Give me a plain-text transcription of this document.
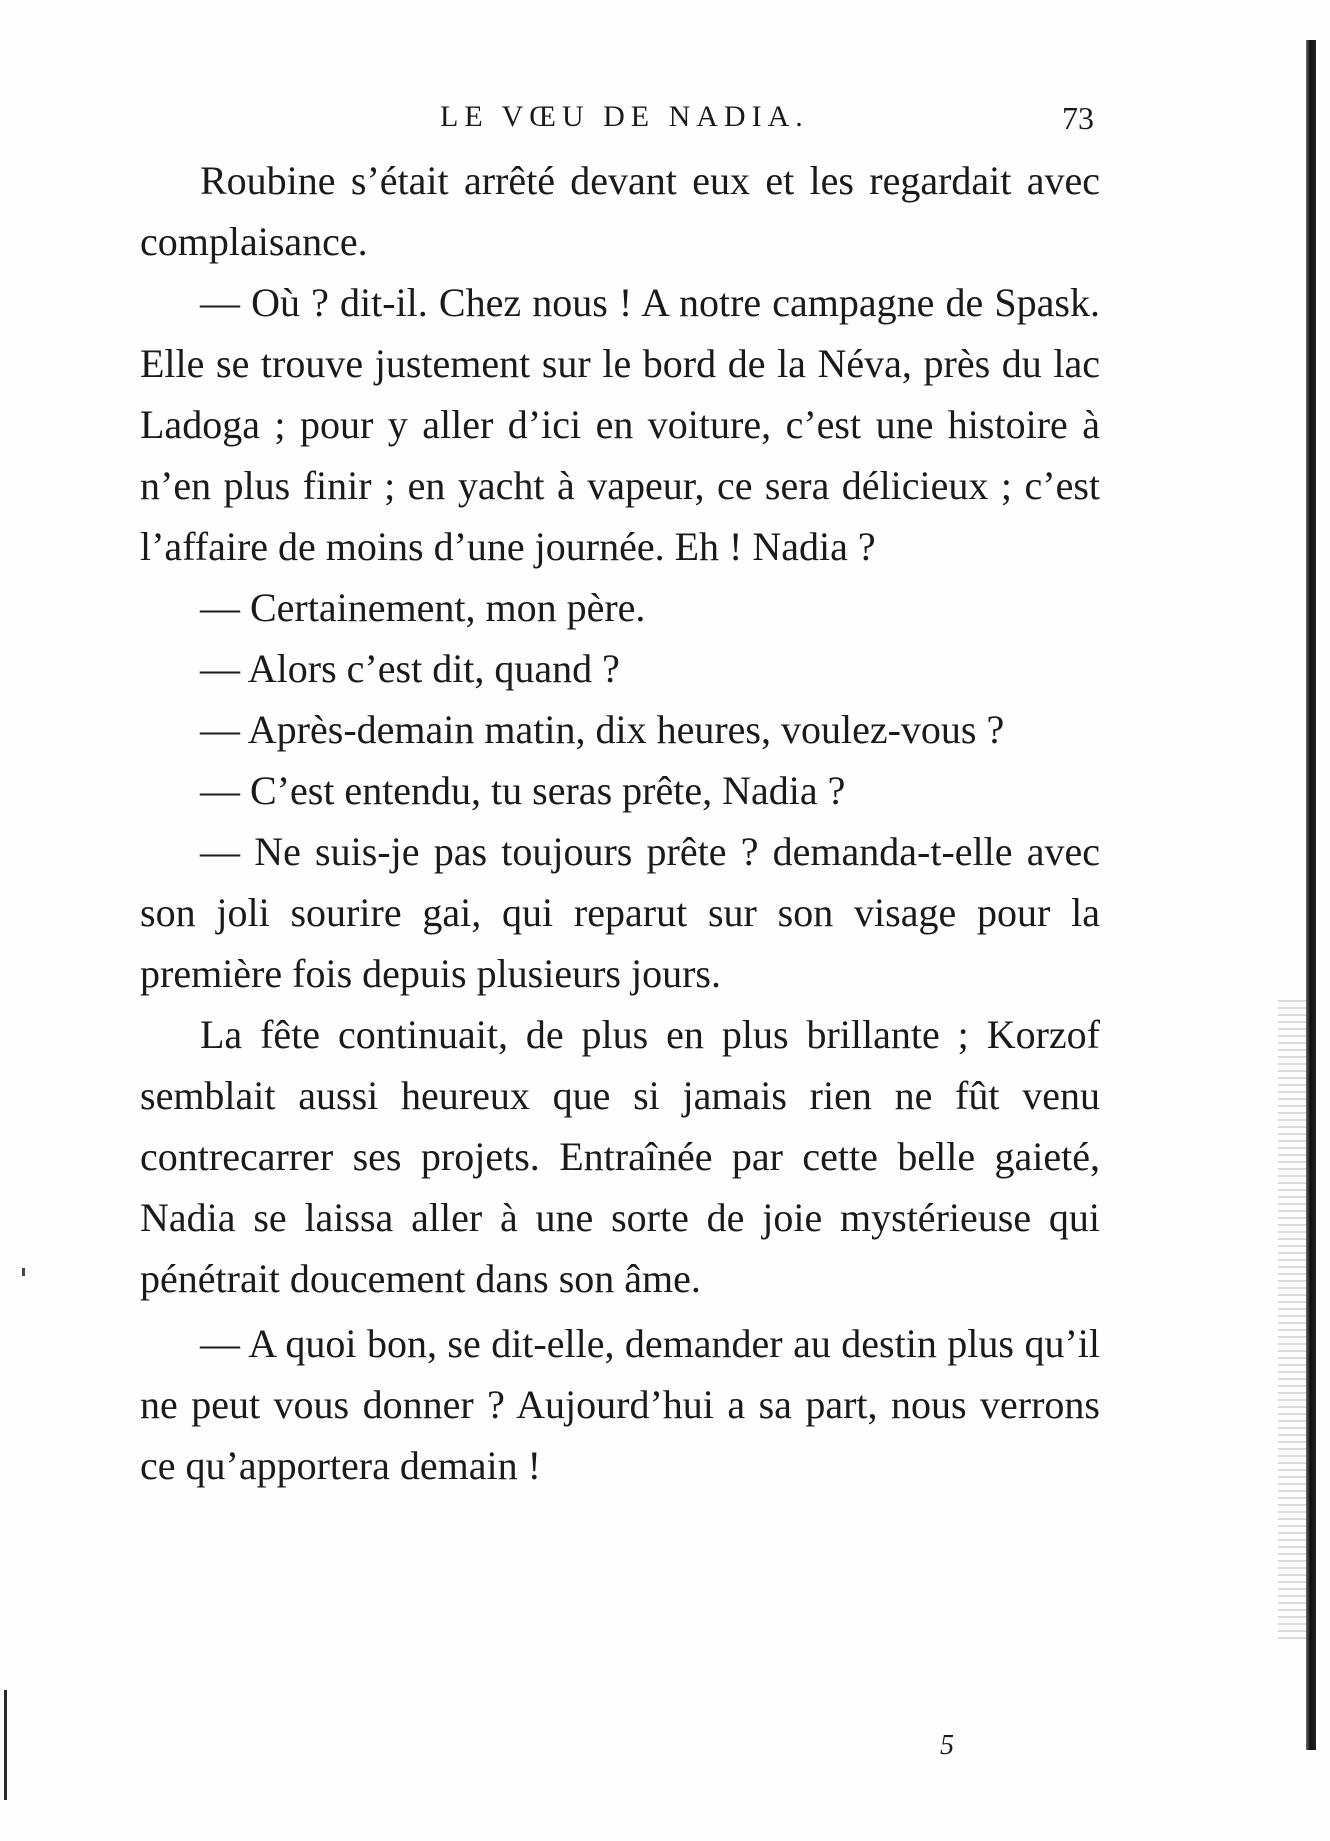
LE VŒU DE NADIA.	73

Roubine s’était arrêté devant eux et les regardait avec complaisance.

— Où ? dit-il. Chez nous ! A notre campagne de Spask. Elle se trouve justement sur le bord de la Néva, près du lac Ladoga ; pour y aller d’ici en voiture, c’est une histoire à n’en plus finir ; en yacht à vapeur, ce sera délicieux ; c’est l’affaire de moins d’une journée. Eh ! Nadia ?

— Certainement, mon père.

— Alors c’est dit, quand ?

— Après-demain matin, dix heures, voulez-vous ?

— C’est entendu, tu seras prête, Nadia ?

— Ne suis-je pas toujours prête ? demanda-t-elle avec son joli sourire gai, qui reparut sur son visage pour la première fois depuis plusieurs jours.

La fête continuait, de plus en plus brillante ; Korzof semblait aussi heureux que si jamais rien ne fût venu contrecarrer ses projets. Entraînée par cette belle gaieté, Nadia se laissa aller à une sorte de joie mystérieuse qui pénétrait doucement dans son âme.

— A quoi bon, se dit-elle, demander au destin plus qu’il ne peut vous donner ? Aujourd’hui a sa part, nous verrons ce qu’apportera demain !

5
